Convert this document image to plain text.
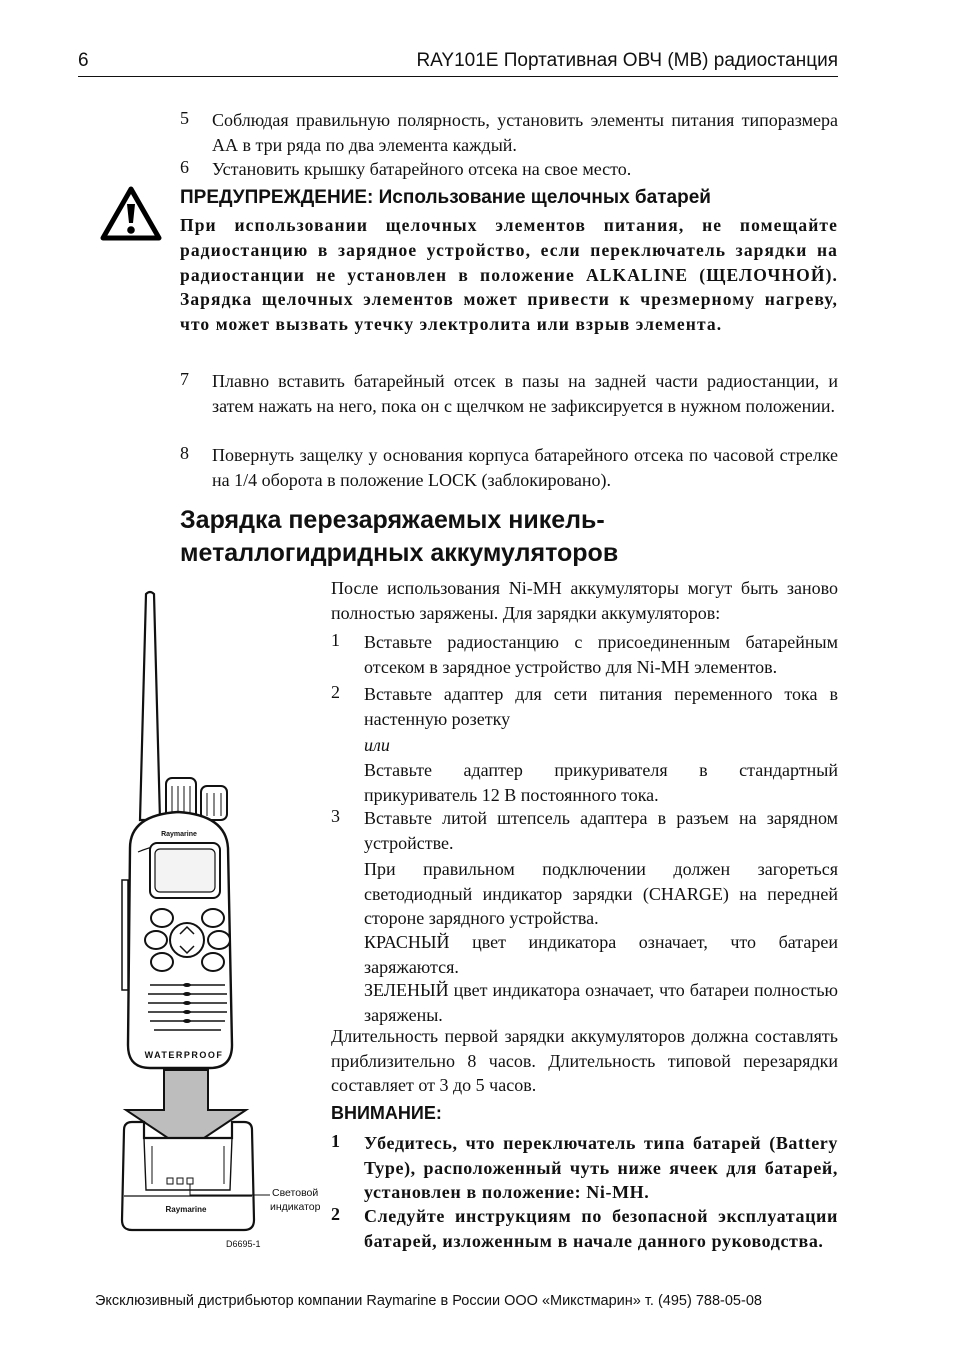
6	RAY101E Портативная ОВЧ (МВ) радиостанция
5 Соблюдая правильную полярность, установить элементы питания типоразмера АА в три ряда по два элемента каждый.
6 Установить крышку батарейного отсека на свое место.
ПРЕДУПРЕЖДЕНИЕ: Использование щелочных батарей
При использовании щелочных элементов питания, не помещайте радиостанцию в зарядное устройство, если переключатель зарядки на радиостанции не установлен в положение ALKALINE (ЩЕЛОЧНОЙ). Зарядка щелочных элементов может привести к чрезмерному нагреву, что может вызвать утечку электролита или взрыв элемента.
7 Плавно вставить батарейный отсек в пазы на задней части радиостанции, и затем нажать на него, пока он с щелчком не зафиксируется в нужном положении.
8 Повернуть защелку у основания корпуса батарейного отсека по часовой стрелке на 1/4 оборота в положение LOCK (заблокировано).
Зарядка перезаряжаемых никель-
металлогидридных аккумуляторов
После использования Ni-MH аккумуляторы могут быть заново полностью заряжены. Для зарядки аккумуляторов:
1 Вставьте радиостанцию с присоединенным батарейным отсеком в зарядное устройство для Ni-MH элементов.
2 Вставьте адаптер для сети питания переменного тока в настенную розетку
или
Вставьте адаптер прикуривателя в стандартный прикуриватель 12 В постоянного тока.
3 Вставьте литой штепсель адаптера в разъем на зарядном устройстве.
При правильном подключении должен загореться светодиодный индикатор зарядки (CHARGE) на передней стороне зарядного устройства.
КРАСНЫЙ цвет индикатора означает, что батареи заряжаются.
ЗЕЛЕНЫЙ цвет индикатора означает, что батареи полностью заряжены.
Длительность первой зарядки аккумуляторов должна составлять приблизительно 8 часов. Длительность типовой перезарядки составляет от 3 до 5 часов.
ВНИМАНИЕ:
1 Убедитесь, что переключатель типа батарей (Battery Type), расположенный чуть ниже ячеек для батарей, установлен в положение: Ni-MH.
2 Следуйте инструкциям по безопасной эксплуатации батарей, изложенным в начале данного руководства.
Raymarine
WATERPROOF
Raymarine
Световой
индикатор
D6695-1
Эксклюзивный дистрибьютор компании Raymarine в России ООО «Микстмарин» т. (495) 788-05-08
